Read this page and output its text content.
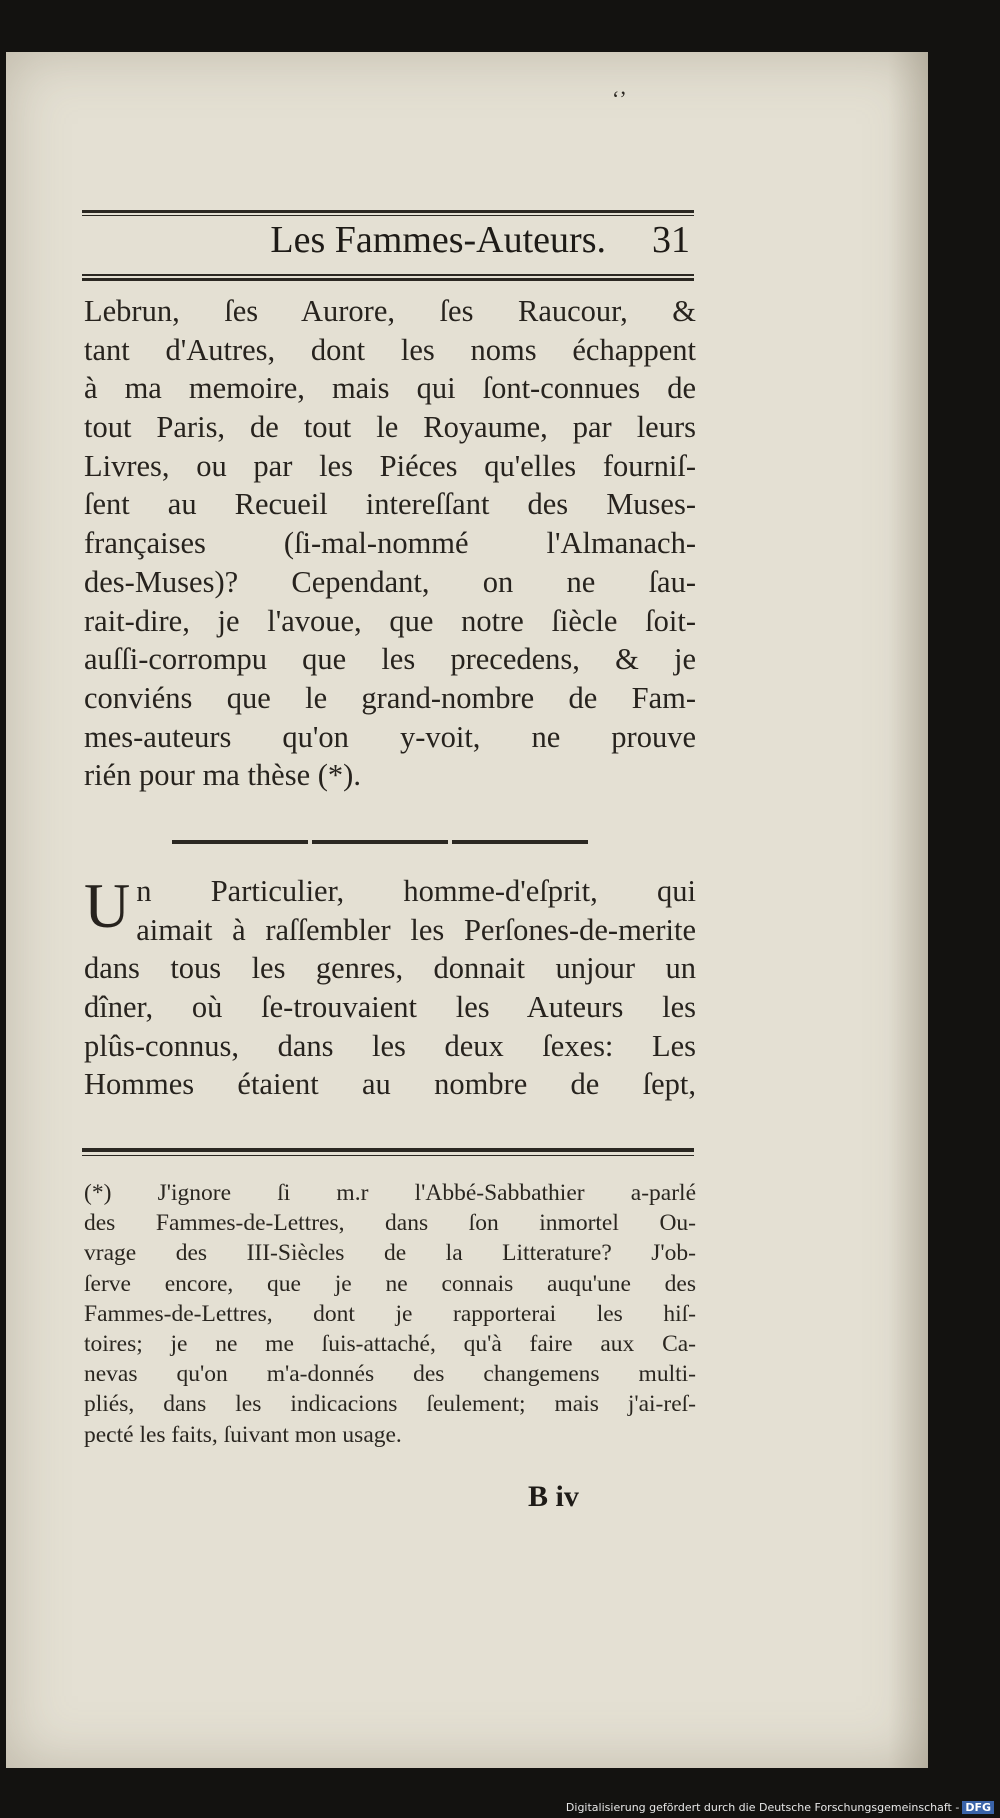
‘’
Les Fammes-Auteurs. 31
Lebrun, ſes Aurore, ſes Raucour, &
tant d'Autres, dont les noms échappent
à ma memoire, mais qui ſont-connues de
tout Paris, de tout le Royaume, par leurs
Livres, ou par les Piéces qu'elles fourniſ-
ſent au Recueil intereſſant des Muses-
françaises (ſi-mal-nommé l'Almanach-
des-Muses)? Cependant, on ne ſau-
rait-dire, je l'avoue, que notre ſiècle ſoit-
auſſi-corrompu que les precedens, & je
conviéns que le grand-nombre de Fam-
mes-auteurs qu'on y-voit, ne prouve
rién pour ma thèse (*).
U n Particulier, homme-d'eſprit, qui
aimait à raſſembler les Perſones-de-merite
dans tous les genres, donnait unjour un
dîner, où ſe-trouvaient les Auteurs les
plûs-connus, dans les deux ſexes: Les
Hommes étaient au nombre de ſept,
(*) J'ignore ſi m.r l'Abbé-Sabbathier a-parlé
des Fammes-de-Lettres, dans ſon inmortel Ou-
vrage des III-Siècles de la Litterature? J'ob-
ſerve encore, que je ne connais auqu'une des
Fammes-de-Lettres, dont je rapporterai les hiſ-
toires; je ne me ſuis-attaché, qu'à faire aux Ca-
nevas qu'on m'a-donnés des changemens multi-
pliés, dans les indicacions ſeulement; mais j'ai-reſ-
pecté les faits, ſuivant mon usage.
B iv
Digitalisierung gefördert durch die Deutsche Forschungsgemeinschaft - DFG
